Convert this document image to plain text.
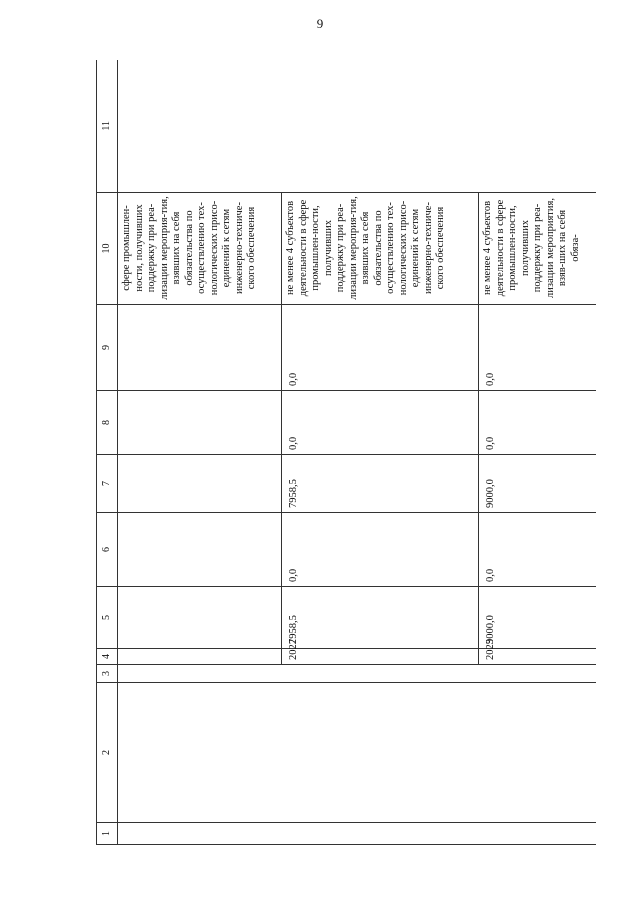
9
1	2	3	4	5	6	7	8	9	10	11
									сфере промышлен-ности, получивших поддержку при реа-лизации мероприя-тия, взявших на себя обязательства по осуществлению тех-нологических присо-единений к сетям инженерно-техниче-ского обеспечения	
			2022	7958,5	0,0	7958,5	0,0	0,0	не менее 4 субъектов деятельности в сфере промышлен-ности, получивших поддержку при реа-лизации мероприя-тия, взявших на себя обязательства по осуществлению тех-нологических присо-единений к сетям инженерно-техниче-ского обеспечения	
			2023	9000,0	0,0	9000,0	0,0	0,0	не менее 4 субъектов деятельности в сфере промышлен-ности, получивших поддержку при реа-лизации мероприятия, взяв-ших на себя обяза-	
